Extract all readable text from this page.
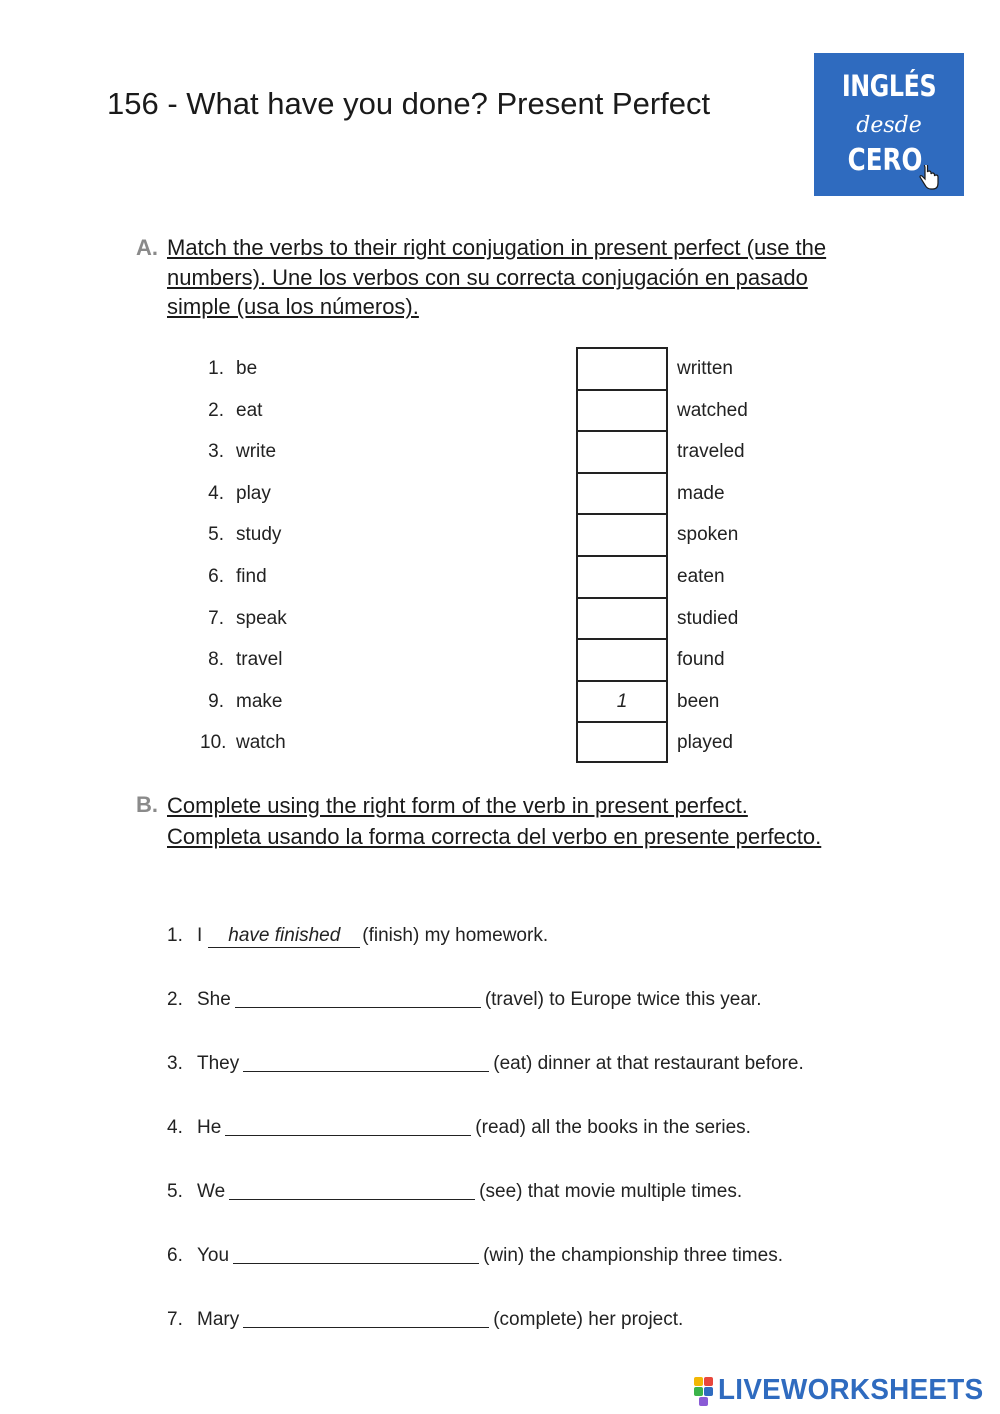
156 - What have you done? Present Perfect	INGLÉS
desde
CERO
A. Match the verbs to their right conjugation in present perfect (use the
numbers). Une los verbos con su correcta conjugación en pasado
simple (usa los números).
1. be	written
2. eat	watched
3. write	traveled
4. play	made
5. study	spoken
6. find	eaten
7. speak	studied
8. travel	found
9. make	1	been
10. watch	played
B. Complete using the right form of the verb in present perfect.
Completa usando la forma correcta del verbo en presente perfecto.
1. I have finished (finish) my homework.
2. She	(travel) to Europe twice this year.
3. They	(eat) dinner at that restaurant before.
4. He	(read) all the books in the series.
5. We	(see) that movie multiple times.
6. You	(win) the championship three times.
7. Mary	(complete) her project.
LIVEWORKSHEETS
